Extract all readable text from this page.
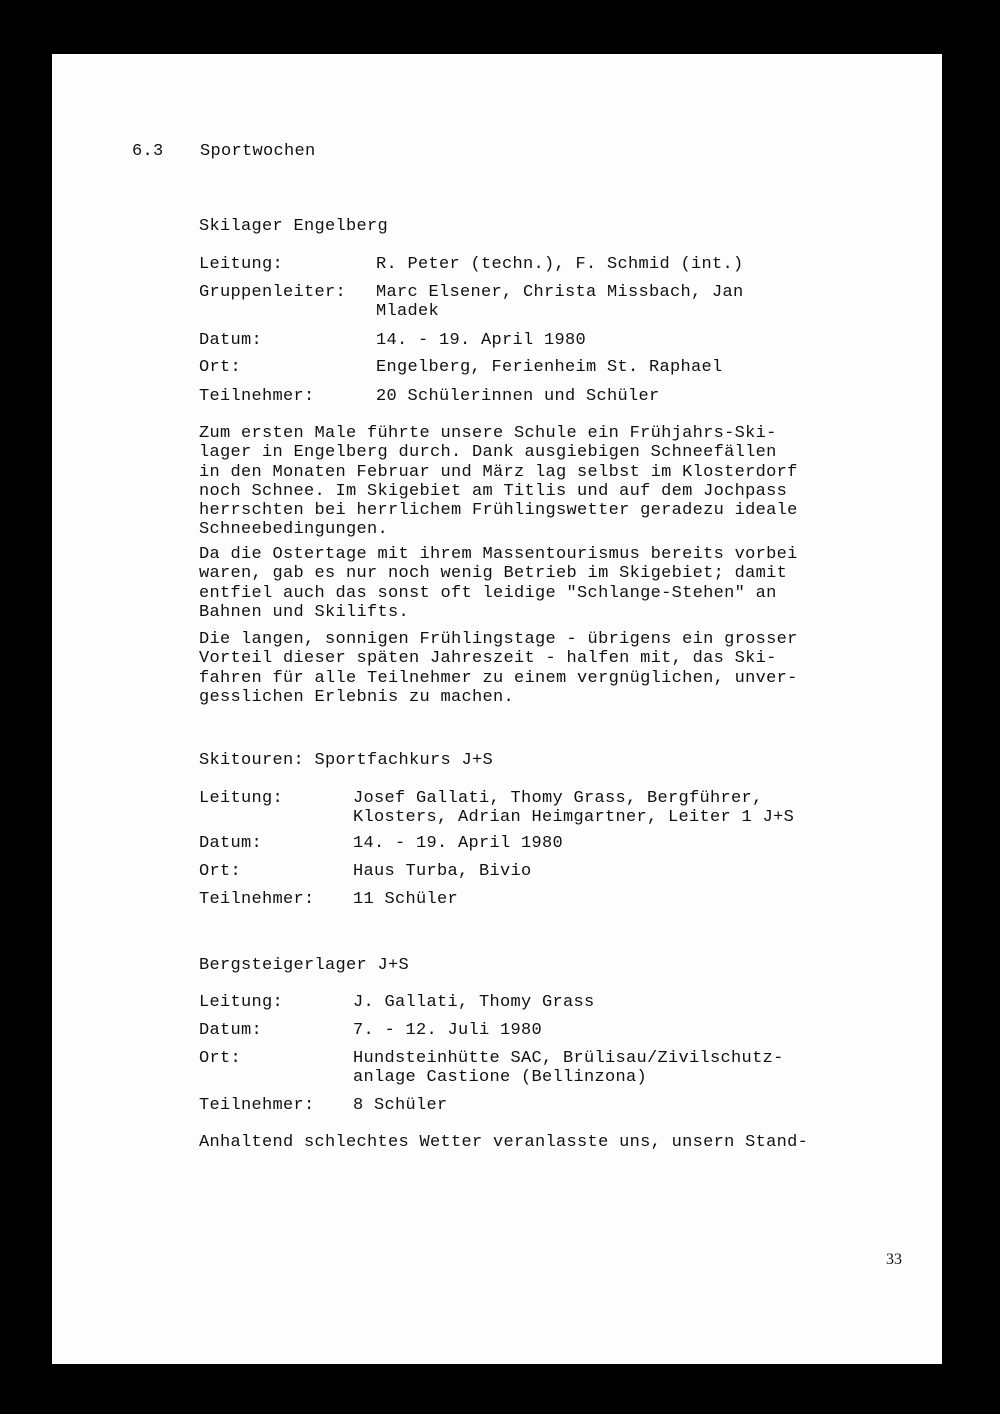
6.3 Sportwochen
Skilager Engelberg
Leitung:	R. Peter (techn.), F. Schmid (int.)
Gruppenleiter:	Marc Elsener, Christa Missbach, Jan
Mladek
Datum:	14. - 19. April 1980
Ort:	Engelberg, Ferienheim St. Raphael
Teilnehmer:	20 Schülerinnen und Schüler
Zum ersten Male führte unsere Schule ein Frühjahrs-Ski-
lager in Engelberg durch. Dank ausgiebigen Schneefällen
in den Monaten Februar und März lag selbst im Klosterdorf
noch Schnee. Im Skigebiet am Titlis und auf dem Jochpass
herrschten bei herrlichem Frühlingswetter geradezu ideale
Schneebedingungen.
Da die Ostertage mit ihrem Massentourismus bereits vorbei
waren, gab es nur noch wenig Betrieb im Skigebiet; damit
entfiel auch das sonst oft leidige "Schlange-Stehen" an
Bahnen und Skilifts.
Die langen, sonnigen Frühlingstage - übrigens ein grosser
Vorteil dieser späten Jahreszeit - halfen mit, das Ski-
fahren für alle Teilnehmer zu einem vergnüglichen, unver-
gesslichen Erlebnis zu machen.
Skitouren: Sportfachkurs J+S
Leitung:	Josef Gallati, Thomy Grass, Bergführer,
Klosters, Adrian Heimgartner, Leiter 1 J+S
Datum:	14. - 19. April 1980
Ort:	Haus Turba, Bivio
Teilnehmer:	11 Schüler
Bergsteigerlager J+S
Leitung:	J. Gallati, Thomy Grass
Datum:	7. - 12. Juli 1980
Ort:	Hundsteinhütte SAC, Brülisau/Zivilschutz-
anlage Castione (Bellinzona)
Teilnehmer:	8 Schüler
Anhaltend schlechtes Wetter veranlasste uns, unsern Stand-
33
